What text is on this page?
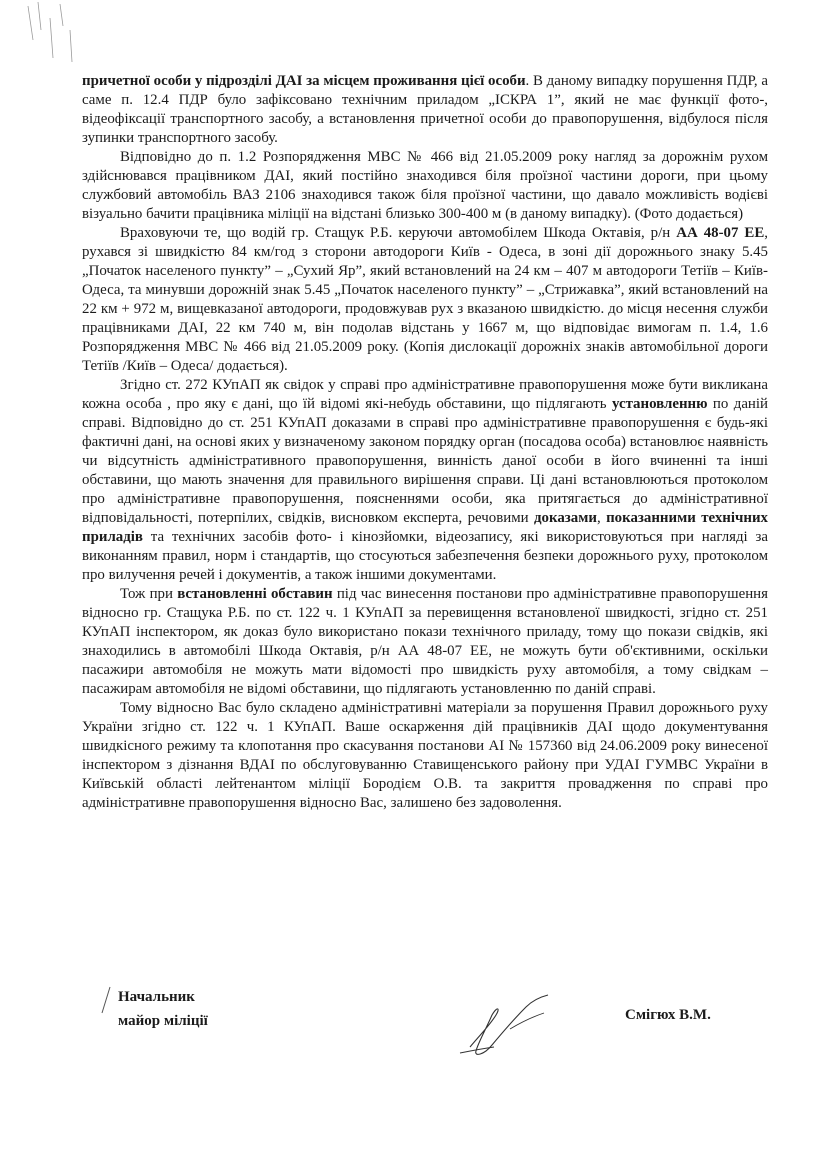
причетної особи у підрозділі ДАІ за місцем проживання цієї особи. В даному випадку порушення ПДР, а саме п. 12.4 ПДР було зафіксовано технічним приладом „ІСКРА 1”, який не має функції фото-, відеофіксації транспортного засобу, а встановлення причетної особи до правопорушення, відбулося після зупинки транспортного засобу.

Відповідно до п. 1.2 Розпорядження МВС № 466 від 21.05.2009 року нагляд за дорожнім рухом здійснювався працівником ДАІ, який постійно знаходився біля проїзної частини дороги, при цьому службовий автомобіль ВАЗ 2106 знаходився також біля проїзної частини, що давало можливість водієві візуально бачити працівника міліції на відстані близько 300-400 м (в даному випадку). (Фото додається)

Враховуючи те, що водій гр. Стащук Р.Б. керуючи автомобілем Шкода Октавія, р/н АА 48-07 ЕЕ, рухався зі швидкістю 84 км/год з сторони автодороги Київ - Одеса, в зоні дії дорожнього знаку 5.45 „Початок населеного пункту” – „Сухий Яр”, який встановлений на 24 км – 407 м автодороги Тетіїв – Київ-Одеса, та минувши дорожній знак 5.45 „Початок населеного пункту” – „Стрижавка”, який встановлений на 22 км + 972 м, вищевказаної автодороги, продовжував рух з вказаною швидкістю. до місця несення служби працівниками ДАІ, 22 км 740 м, він подолав відстань у 1667 м, що відповідає вимогам п. 1.4, 1.6 Розпорядження МВС № 466 від 21.05.2009 року. (Копія дислокації дорожніх знаків автомобільної дороги Тетіїв /Київ – Одеса/ додається).

Згідно ст. 272 КУпАП як свідок у справі про адміністративне правопорушення може бути викликана кожна особа , про яку є дані, що їй відомі які-небудь обставини, що підлягають установленню по даній справі. Відповідно до ст. 251 КУпАП доказами в справі про адміністративне правопорушення є будь-які фактичні дані, на основі яких у визначеному законом порядку орган (посадова особа) встановлює наявність чи відсутність адміністративного правопорушення, винність даної особи в його вчиненні та інші обставини, що мають значення для правильного вирішення справи. Ці дані встановлюються протоколом про адміністративне правопорушення, поясненнями особи, яка притягається до адміністративної відповідальності, потерпілих, свідків, висновком експерта, речовими доказами, показанними технічних приладів та технічних засобів фото- і кінозйомки, відеозапису, які використовуються при нагляді за виконанням правил, норм і стандартів, що стосуються забезпечення безпеки дорожнього руху, протоколом про вилучення речей і документів, а також іншими документами.

Тож при встановленні обставин під час винесення постанови про адміністративне правопорушення відносно гр. Стащука Р.Б. по ст. 122 ч. 1 КУпАП за перевищення встановленої швидкості, згідно ст. 251 КУпАП інспектором, як доказ було використано покази технічного приладу, тому що покази свідків, які знаходились в автомобілі Шкода Октавія, р/н АА 48-07 ЕЕ, не можуть бути об'єктивними, оскільки пасажири автомобіля не можуть мати відомості про швидкість руху автомобіля, а тому свідкам – пасажирам автомобіля не відомі обставини, що підлягають установленню по даній справі.

Тому відносно Вас було складено адміністративні матеріали за порушення Правил дорожнього руху України згідно ст. 122 ч. 1 КУпАП. Ваше оскарження дій працівників ДАІ щодо документування швидкісного режиму та клопотання про скасування постанови АІ № 157360 від 24.06.2009 року винесеної інспектором з дізнання ВДАІ по обслуговуванню Ставищенського району при УДАІ ГУМВС України в Київській області лейтенантом міліції Бородієм О.В. та закриття провадження по справі про адміністративне правопорушення відносно Вас, залишено без задоволення.

Начальник
майор міліції	Смігюх В.М.
